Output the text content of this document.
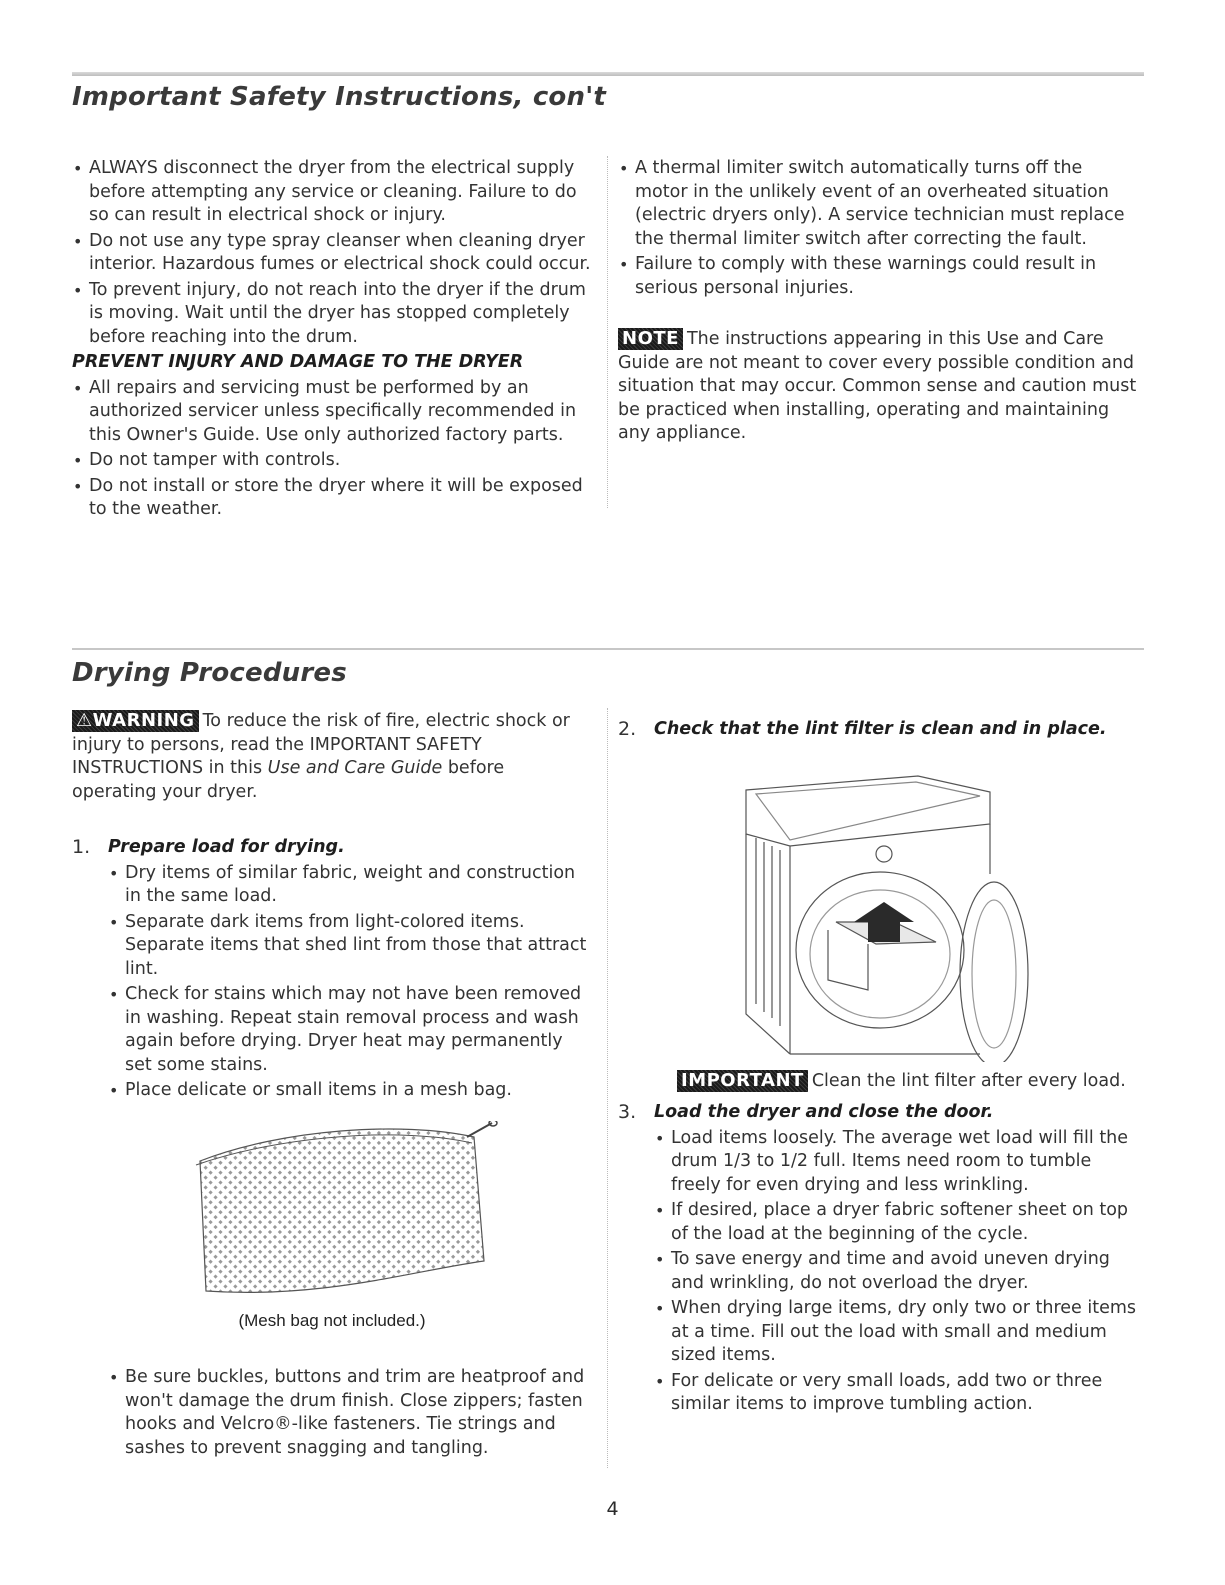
Important Safety Instructions, con't
• ALWAYS disconnect the dryer from the electrical supply before attempting any service or cleaning. Failure to do so can result in electrical shock or injury.
• Do not use any type spray cleanser when cleaning dryer interior. Hazardous fumes or electrical shock could occur.
• To prevent injury, do not reach into the dryer if the drum is moving. Wait until the dryer has stopped completely before reaching into the drum.
PREVENT INJURY AND DAMAGE TO THE DRYER
• All repairs and servicing must be performed by an authorized servicer unless specifically recommended in this Owner's Guide. Use only authorized factory parts.
• Do not tamper with controls.
• Do not install or store the dryer where it will be exposed to the weather.
• A thermal limiter switch automatically turns off the motor in the unlikely event of an overheated situation (electric dryers only). A service technician must replace the thermal limiter switch after correcting the fault.
• Failure to comply with these warnings could result in serious personal injuries.

NOTE The instructions appearing in this Use and Care Guide are not meant to cover every possible condition and situation that may occur. Common sense and caution must be practiced when installing, operating and maintaining any appliance.

Drying Procedures

⚠WARNING To reduce the risk of fire, electric shock or injury to persons, read the IMPORTANT SAFETY INSTRUCTIONS in this Use and Care Guide before operating your dryer.

1. Prepare load for drying.
• Dry items of similar fabric, weight and construction in the same load.
• Separate dark items from light-colored items. Separate items that shed lint from those that attract lint.
• Check for stains which may not have been removed in washing. Repeat stain removal process and wash again before drying. Dryer heat may permanently set some stains.
• Place delicate or small items in a mesh bag.
(Mesh bag not included.)
• Be sure buckles, buttons and trim are heatproof and won't damage the drum finish. Close zippers; fasten hooks and Velcro®-like fasteners. Tie strings and sashes to prevent snagging and tangling.
2. Check that the lint filter is clean and in place.

IMPORTANT Clean the lint filter after every load.

3. Load the dryer and close the door.
• Load items loosely. The average wet load will fill the drum 1/3 to 1/2 full. Items need room to tumble freely for even drying and less wrinkling.
• If desired, place a dryer fabric softener sheet on top of the load at the beginning of the cycle.
• To save energy and time and avoid uneven drying and wrinkling, do not overload the dryer.
• When drying large items, dry only two or three items at a time. Fill out the load with small and medium sized items.
• For delicate or very small loads, add two or three similar items to improve tumbling action.
4
